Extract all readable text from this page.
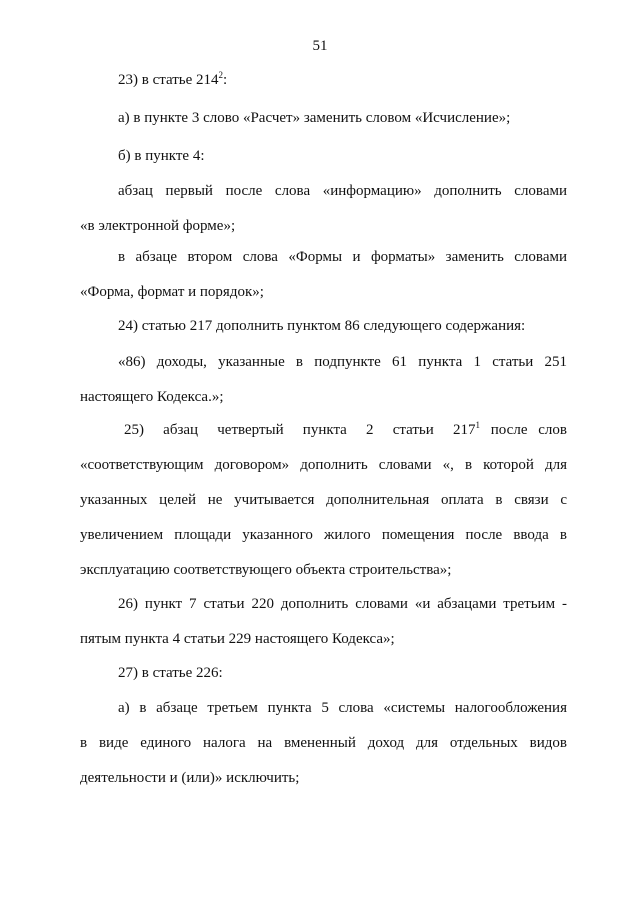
51

23) в статье $214^2$:

а) в пункте 3 слово «Расчет» заменить словом «Исчисление»;

б) в пункте 4:

абзац первый после слова «информацию» дополнить словами
«в электронной форме»;
в абзаце втором слова «Формы и форматы» заменить словами
«Форма, формат и порядок»;

24) статью 217 дополнить пунктом 86 следующего содержания:

«86) доходы, указанные в подпункте 61 пункта 1 статьи 251
настоящего Кодекса.»;
25) абзац четвертый пункта 2 статьи $217^1$ после слов
«соответствующим договором» дополнить словами «, в которой для
указанных целей не учитывается дополнительная оплата в связи с
увеличением площади указанного жилого помещения после ввода в
эксплуатацию соответствующего объекта строительства»;
26) пункт 7 статьи 220 дополнить словами «и абзацами третьим -
пятым пункта 4 статьи 229 настоящего Кодекса»;

27) в статье 226:

а) в абзаце третьем пункта 5 слова «системы налогообложения
в виде единого налога на вмененный доход для отдельных видов
деятельности и (или)» исключить;
